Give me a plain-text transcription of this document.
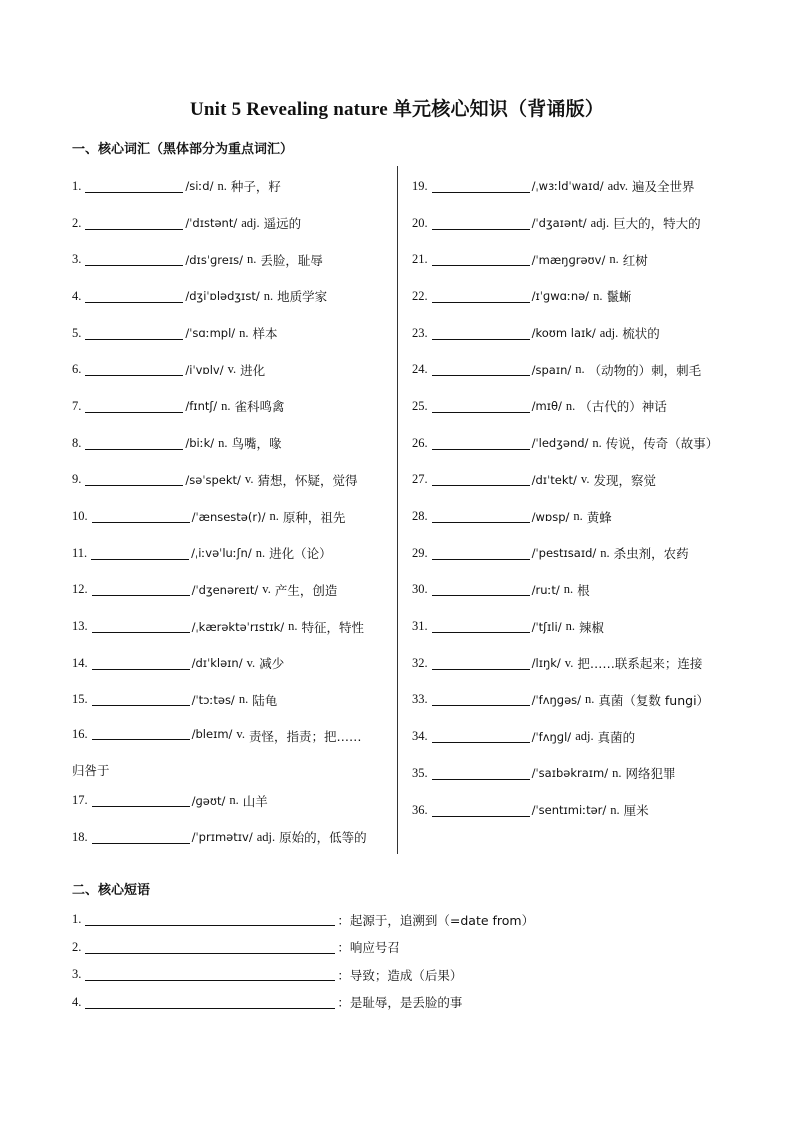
Unit 5 Revealing nature 单元核心知识（背诵版）
一、核心词汇（黑体部分为重点词汇）
1.	/siːd/ n. 种子，籽
2.	/ˈdɪstənt/ adj. 遥远的
3.	/dɪsˈɡreɪs/ n. 丢脸，耻辱
4.	/dʒiˈɒlədʒɪst/ n. 地质学家
5.	/ˈsɑːmpl/ n. 样本
6.	/iˈvɒlv/ v. 进化
7.	/fɪntʃ/ n. 雀科鸣禽
8.	/biːk/ n. 鸟嘴，喙
9.	/səˈspekt/ v. 猜想，怀疑，觉得
10.	/ˈænsestə(r)/ n. 原种，祖先
11.	/ˌiːvəˈluːʃn/ n. 进化（论）
12.	/ˈdʒenəreɪt/ v. 产生，创造
13.	/ˌkærəktəˈrɪstɪk/ n. 特征，特性
14.	/dɪˈkləɪn/ v. 减少
15.	/ˈtɔːtəs/ n. 陆龟
16.	/bleɪm/ v. 责怪，指责；把……
归咎于
17.	/ɡəʊt/ n. 山羊
18.	/ˈprɪmətɪv/ adj. 原始的，低等的
19.	/ˌwɜːldˈwaɪd/ adv. 遍及全世界
20.	/ˈdʒaɪənt/ adj. 巨大的，特大的
21.	/ˈmæŋɡrəʊv/ n. 红树
22.	/ɪˈɡwɑːnə/ n. 鬣蜥
23.	/koʊm laɪk/ adj. 梳状的
24.	/spaɪn/ n. （动物的）刺，刺毛
25.	/mɪθ/ n. （古代的）神话
26.	/ˈledʒənd/ n. 传说，传奇（故事）
27.	/dɪˈtekt/ v. 发现，察觉
28.	/wɒsp/ n. 黄蜂
29.	/ˈpestɪsaɪd/ n. 杀虫剂，农药
30.	/ruːt/ n. 根
31.	/ˈtʃɪli/ n. 辣椒
32.	/lɪŋk/ v. 把……联系起来；连接
33.	/ˈfʌŋɡəs/ n. 真菌（复数 fungi）
34.	/ˈfʌŋɡl/ adj. 真菌的
35.	/ˈsaɪbəkraɪm/ n. 网络犯罪
36.	/ˈsentɪmiːtər/ n. 厘米
二、核心短语
1.	：起源于，追溯到（=date from）
2.	：响应号召
3.	：导致；造成（后果）
4.	：是耻辱，是丢脸的事
